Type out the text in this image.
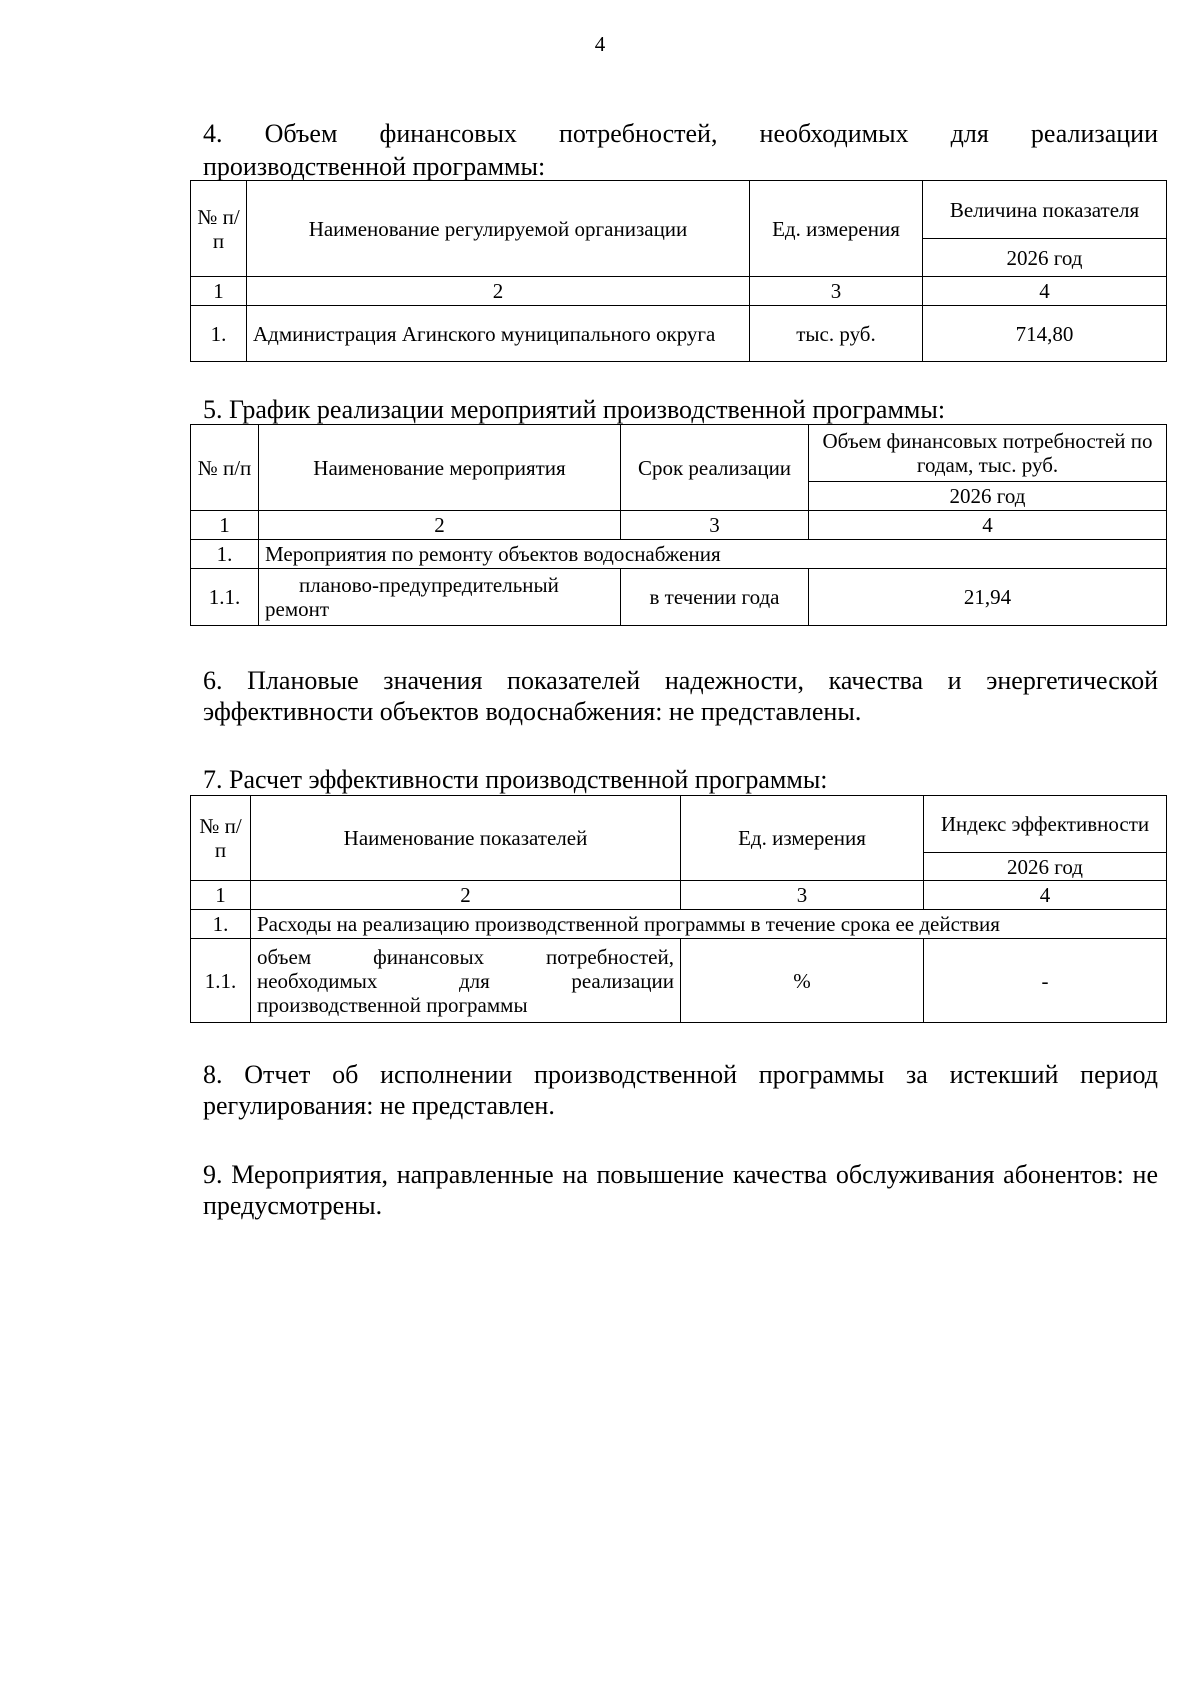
4

4. Объем финансовых потребностей, необходимых для реализации

производственной программы:

№ п/п	Наименование регулируемой организации	Ед. измерения	Величина показателя
			2026 год
1	2	3	4
1.	Администрация Агинского муниципального округа	тыс. руб.	714,80

5. График реализации мероприятий производственной программы:

№ п/п	Наименование мероприятия	Срок реализации	Объем финансовых потребностей по годам, тыс. руб.
			2026 год
1	2	3	4
1.	Мероприятия по ремонту объектов водоснабжения		
1.1.	планово-предупредительный ремонт	в течении года	21,94

6. Плановые значения показателей надежности, качества и энергетической эффективности объектов водоснабжения: не представлены.

7. Расчет эффективности производственной программы:

№ п/п	Наименование показателей	Ед. измерения	Индекс эффективности
			2026 год
1	2	3	4
1.	Расходы на реализацию производственной программы в течение срока ее действия		
1.1.	объем финансовых потребностей,
необходимых для реализации
производственной программы	%	-

8. Отчет об исполнении производственной программы за истекший период регулирования: не представлен.

9. Мероприятия, направленные на повышение качества обслуживания абонентов: не предусмотрены.
